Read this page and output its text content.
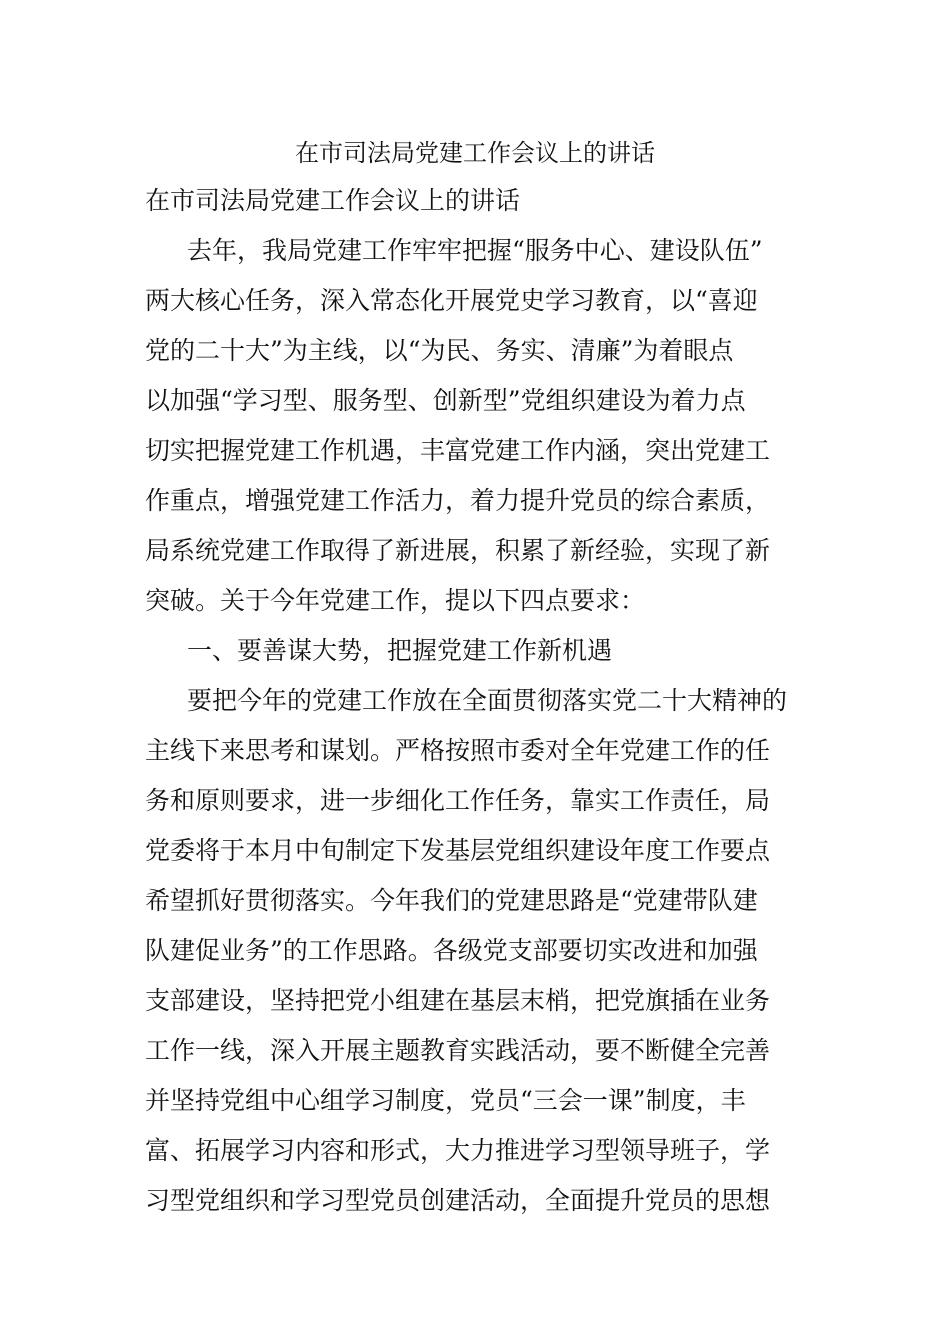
在市司法局党建工作会议上的讲话
在市司法局党建工作会议上的讲话
去年，我局党建工作牢牢把握“服务中心、建设队伍”
两大核心任务，深入常态化开展党史学习教育，以“喜迎
党的二十大”为主线，以“为民、务实、清廉”为着眼点
以加强“学习型、服务型、创新型”党组织建设为着力点
切实把握党建工作机遇，丰富党建工作内涵，突出党建工
作重点，增强党建工作活力，着力提升党员的综合素质，
局系统党建工作取得了新进展，积累了新经验，实现了新
突破。关于今年党建工作，提以下四点要求：
一、要善谋大势，把握党建工作新机遇
要把今年的党建工作放在全面贯彻落实党二十大精神的
主线下来思考和谋划。严格按照市委对全年党建工作的任
务和原则要求，进一步细化工作任务，靠实工作责任，局
党委将于本月中旬制定下发基层党组织建设年度工作要点
希望抓好贯彻落实。今年我们的党建思路是“党建带队建
队建促业务”的工作思路。各级党支部要切实改进和加强
支部建设，坚持把党小组建在基层末梢，把党旗插在业务
工作一线，深入开展主题教育实践活动，要不断健全完善
并坚持党组中心组学习制度，党员“三会一课”制度，丰
富、拓展学习内容和形式，大力推进学习型领导班子，学
习型党组织和学习型党员创建活动，全面提升党员的思想
